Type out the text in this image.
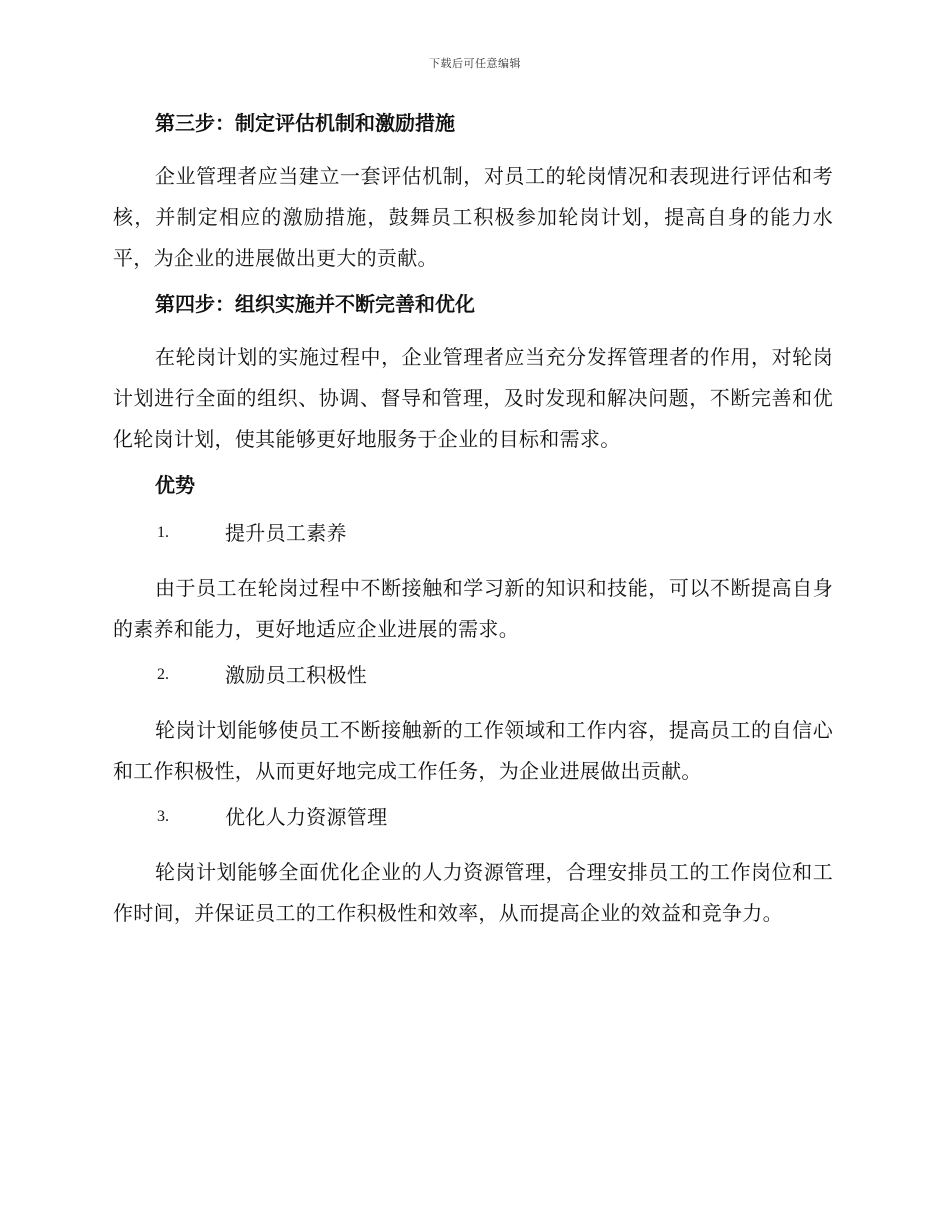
下载后可任意编辑
第三步：制定评估机制和激励措施

企业管理者应当建立一套评估机制，对员工的轮岗情况和表现进行评估和考核，并制定相应的激励措施，鼓舞员工积极参加轮岗计划，提高自身的能力水平，为企业的进展做出更大的贡献。

第四步：组织实施并不断完善和优化

在轮岗计划的实施过程中，企业管理者应当充分发挥管理者的作用，对轮岗计划进行全面的组织、协调、督导和管理，及时发现和解决问题，不断完善和优化轮岗计划，使其能够更好地服务于企业的目标和需求。

优势
1.	提升员工素养

由于员工在轮岗过程中不断接触和学习新的知识和技能，可以不断提高自身的素养和能力，更好地适应企业进展的需求。

2.	激励员工积极性

轮岗计划能够使员工不断接触新的工作领域和工作内容，提高员工的自信心和工作积极性，从而更好地完成工作任务，为企业进展做出贡献。

3.	优化人力资源管理

轮岗计划能够全面优化企业的人力资源管理，合理安排员工的工作岗位和工作时间，并保证员工的工作积极性和效率，从而提高企业的效益和竞争力。
